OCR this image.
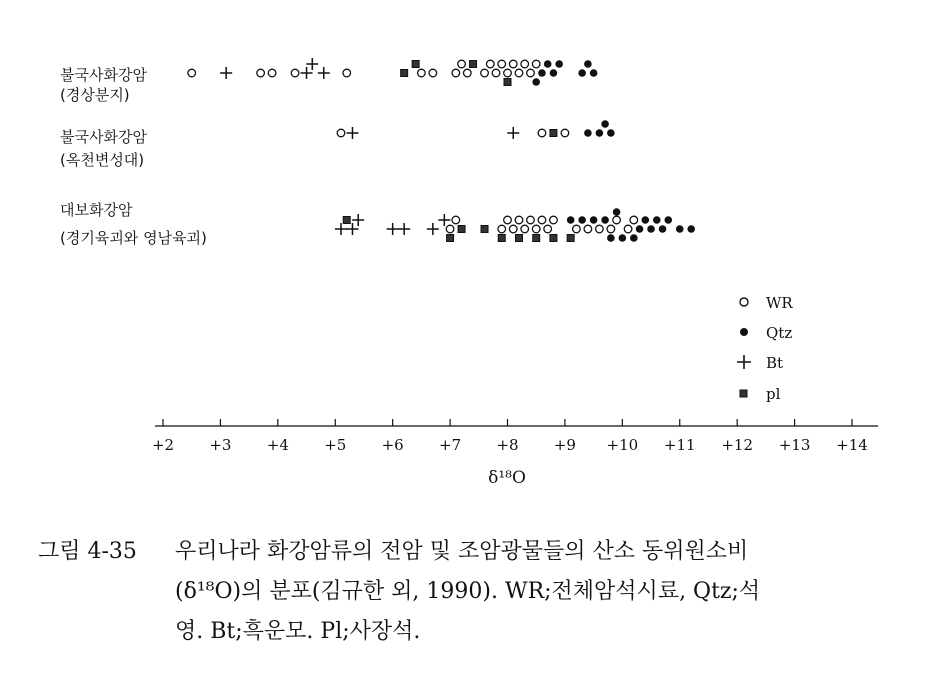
불국사화강암
(경상분지)
불국사화강암
(옥천변성대)
대보화강암
(경기육괴와 영남육괴)
WR
Qtz
Bt
pl
+2 +3 +4 +5 +6 +7 +8 +9 +10 +11 +12 +13 +14
δ¹⁸O
그림 4-35 우리나라 화강암류의 전암 및 조암광물들의 산소 동위원소비
(δ¹⁸O)의 분포(김규한 외, 1990). WR;전체암석시료, Qtz;석
영. Bt;흑운모. Pl;사장석.
